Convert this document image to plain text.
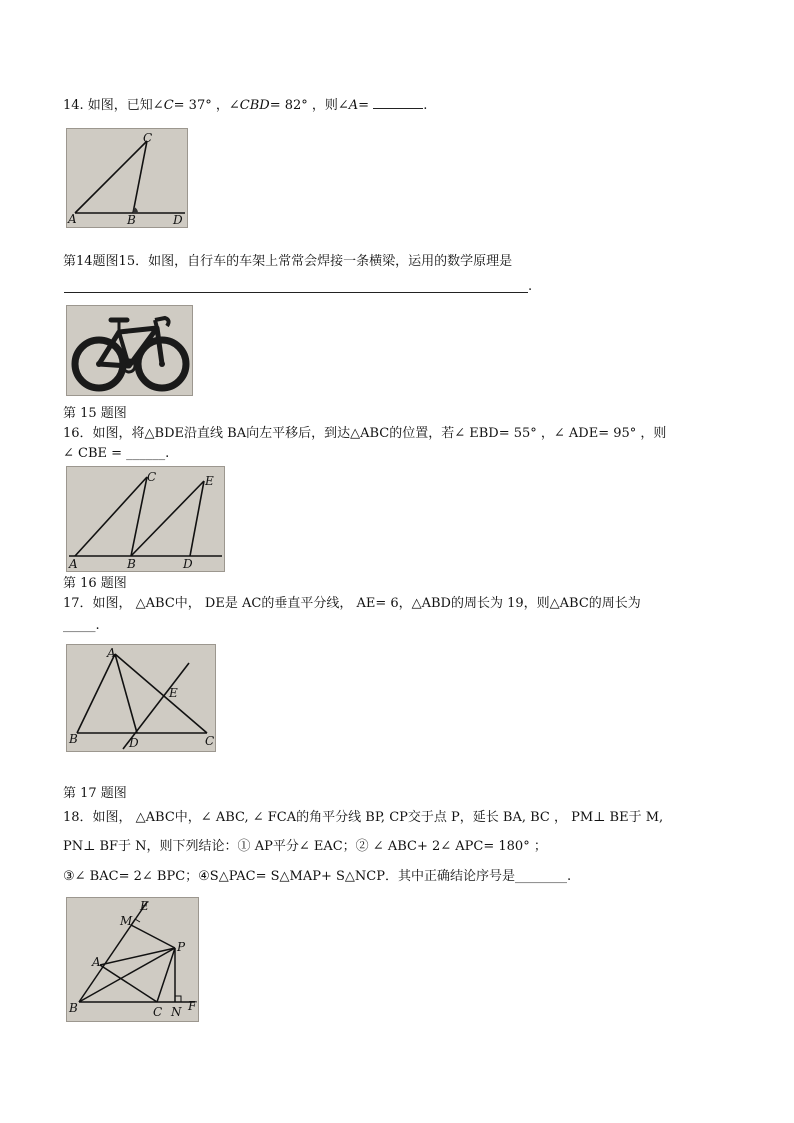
14. 如图，已知∠C= 37° ，∠CBD= 82° ，则∠A=	.
C
A	B	D
第14题图15．如图，自行车的车架上常常会焊接一条横梁，运用的数学原理是
.
第 15 题图
16．如图，将△BDE沿直线 BA向左平移后，到达△ABC的位置，若∠ EBD= 55° ，∠ ADE= 95° ，则
∠ CBE = ______.
C	E
A	B	D
第 16 题图
17．如图， △ABC中， DE是 AC的垂直平分线， AE= 6，△ABD的周长为 19，则△ABC的周长为
_____.
A
E
B	D	C
第 17 题图
18．如图， △ABC中，∠ ABC, ∠ FCA的角平分线 BP, CP交于点 P，延长 BA, BC ， PM⊥ BE于 M,
PN⊥ BF于 N，则下列结论：① AP平分∠ EAC；② ∠ ABC+ 2∠ APC= 180° ；
③∠ BAC= 2∠ BPC；④S△PAC= S△MAP+ S△NCP．其中正确结论序号是________.
E
M
P
A
B	C N F
